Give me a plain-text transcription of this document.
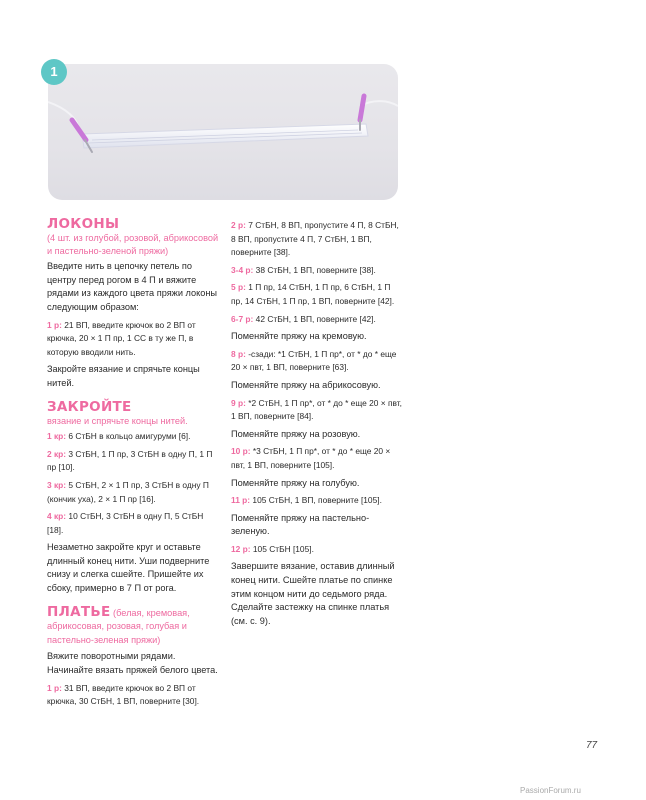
1
ЛОКОНЫ
(4 шт. из голубой, розовой, абрикосовой и пастельно-зеленой пряжи)
Введите нить в цепочку петель по центру перед рогом в 4 П и вяжите рядами из каждого цвета пряжи локоны следующим образом:
1 р: 21 ВП, введите крючок во 2 ВП от крючка, 20 × 1 П пр, 1 СС в ту же П, в которую вводили нить.
Закройте вязание и спрячьте концы нитей.
ЗАКРОЙТЕ
вязание и спрячьте концы нитей.
1 кр: 6 СтБН в кольцо амигуруми [6].
2 кр: 3 СтБН, 1 П пр, 3 СтБН в одну П, 1 П пр [10].
3 кр: 5 СтБН, 2 × 1 П пр, 3 СтБН в одну П (кончик уха), 2 × 1 П пр [16].
4 кр: 10 СтБН, 3 СтБН в одну П, 5 СтБН [18].
Незаметно закройте круг и оставьте длинный конец нити. Уши подверните снизу и слегка сшейте. Пришейте их сбоку, примерно в 7 П от рога.
ПЛАТЬЕ (белая, кремовая, абрикосовая, розовая, голубая и пастельно-зеленая пряжи)
Вяжите поворотными рядами. Начинайте вязать пряжей белого цвета.
1 р: 31 ВП, введите крючок во 2 ВП от крючка, 30 СтБН, 1 ВП, поверните [30].
2 р: 7 СтБН, 8 ВП, пропустите 4 П, 8 СтБН, 8 ВП, пропустите 4 П, 7 СтБН, 1 ВП, поверните [38].
3-4 р: 38 СтБН, 1 ВП, поверните [38].
5 р: 1 П пр, 14 СтБН, 1 П пр, 6 СтБН, 1 П пр, 14 СтБН, 1 П пр, 1 ВП, поверните [42].
6-7 р: 42 СтБН, 1 ВП, поверните [42].
Поменяйте пряжу на кремовую.
8 р: -сзади: *1 СтБН, 1 П пр*, от * до * еще 20 × пвт, 1 ВП, поверните [63].
Поменяйте пряжу на абрикосовую.
9 р: *2 СтБН, 1 П пр*, от * до * еще 20 × пвт, 1 ВП, поверните [84].
Поменяйте пряжу на розовую.
10 р: *3 СтБН, 1 П пр*, от * до * еще 20 × пвт, 1 ВП, поверните [105].
Поменяйте пряжу на голубую.
11 р: 105 СтБН, 1 ВП, поверните [105].
Поменяйте пряжу на пастельно-зеленую.
12 р: 105 СтБН [105].
Завершите вязание, оставив длинный конец нити. Сшейте платье по спинке этим концом нити до седьмого ряда. Сделайте застежку на спинке платья (см. с. 9).
77
PassionForum.ru
